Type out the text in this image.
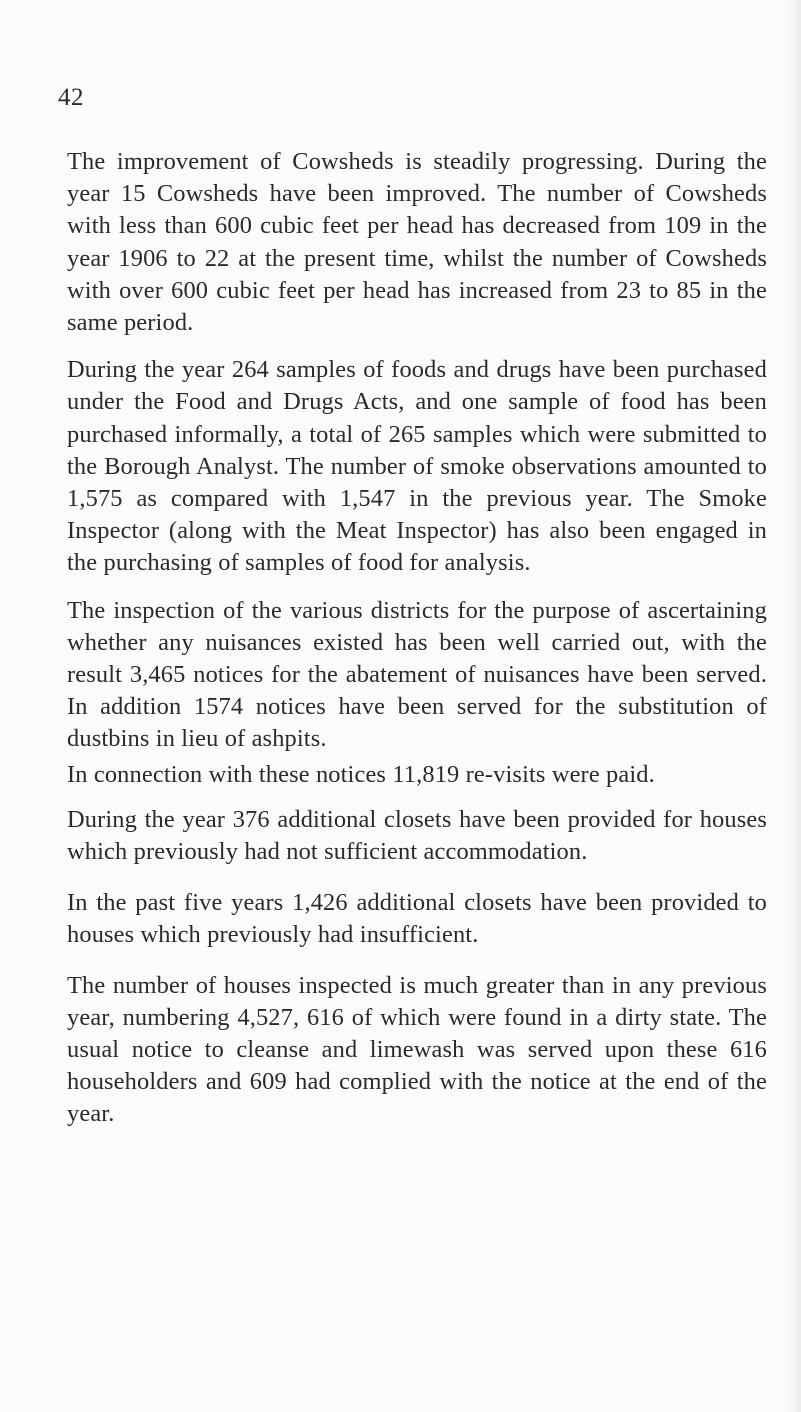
42

The improvement of Cowsheds is steadily progressing. During the year 15 Cowsheds have been improved. The number of Cowsheds with less than 600 cubic feet per head has decreased from 109 in the year 1906 to 22 at the present time, whilst the number of Cowsheds with over 600 cubic feet per head has increased from 23 to 85 in the same period.

During the year 264 samples of foods and drugs have been purchased under the Food and Drugs Acts, and one sample of food has been purchased informally, a total of 265 samples which were submitted to the Borough Analyst. The number of smoke observations amounted to 1,575 as compared with 1,547 in the previous year. The Smoke Inspector (along with the Meat Inspector) has also been engaged in the purchasing of samples of food for analysis.

The inspection of the various districts for the purpose of ascertaining whether any nuisances existed has been well carried out, with the result 3,465 notices for the abatement of nuisances have been served. In addition 1574 notices have been served for the substitution of dustbins in lieu of ashpits.

In connection with these notices 11,819 re-visits were paid.

During the year 376 additional closets have been provided for houses which previously had not sufficient accommodation.

In the past five years 1,426 additional closets have been provided to houses which previously had insufficient.

The number of houses inspected is much greater than in any previous year, numbering 4,527, 616 of which were found in a dirty state. The usual notice to cleanse and limewash was served upon these 616 householders and 609 had complied with the notice at the end of the year.
